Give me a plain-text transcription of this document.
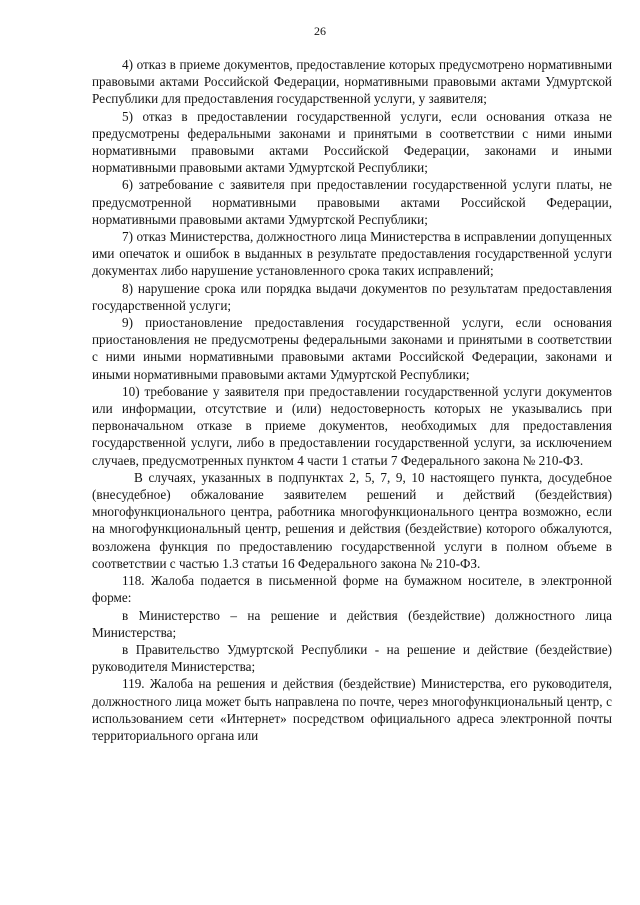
26

4) отказ в приеме документов, предоставление которых предусмотрено нормативными правовыми актами Российской Федерации, нормативными правовыми актами Удмуртской Республики для предоставления государственной услуги, у заявителя;

5) отказ в предоставлении государственной услуги, если основания отказа не предусмотрены федеральными законами и принятыми в соответствии с ними иными нормативными правовыми актами Российской Федерации, законами и иными нормативными правовыми актами Удмуртской Республики;

6) затребование с заявителя при предоставлении государственной услуги платы, не предусмотренной нормативными правовыми актами Российской Федерации, нормативными правовыми актами Удмуртской Республики;

7) отказ Министерства, должностного лица Министерства в исправлении допущенных ими опечаток и ошибок в выданных в результате предоставления государственной услуги документах либо нарушение установленного срока таких исправлений;

8) нарушение срока или порядка выдачи документов по результатам предоставления государственной услуги;

9) приостановление предоставления государственной услуги, если основания приостановления не предусмотрены федеральными законами и принятыми в соответствии с ними иными нормативными правовыми актами Российской Федерации, законами и иными нормативными правовыми актами Удмуртской Республики;

10) требование у заявителя при предоставлении государственной услуги документов или информации, отсутствие и (или) недостоверность которых не указывались при первоначальном отказе в приеме документов, необходимых для предоставления государственной услуги, либо в предоставлении государственной услуги, за исключением случаев, предусмотренных пунктом 4 части 1 статьи 7 Федерального закона № 210-ФЗ.

В случаях, указанных в подпунктах 2, 5, 7, 9, 10 настоящего пункта, досудебное (внесудебное) обжалование заявителем решений и действий (бездействия) многофункционального центра, работника многофункционального центра возможно, если на многофункциональный центр, решения и действия (бездействие) которого обжалуются, возложена функция по предоставлению государственной услуги в полном объеме в соответствии с частью 1.3 статьи 16 Федерального закона № 210-ФЗ.

118. Жалоба подается в письменной форме на бумажном носителе, в электронной форме:

в Министерство – на решение и действия (бездействие) должностного лица Министерства;

в Правительство Удмуртской Республики - на решение и действие (бездействие) руководителя Министерства;

119. Жалоба на решения и действия (бездействие) Министерства, его руководителя, должностного лица может быть направлена по почте, через многофункциональный центр, с использованием сети «Интернет» посредством официального адреса электронной почты территориального органа или
